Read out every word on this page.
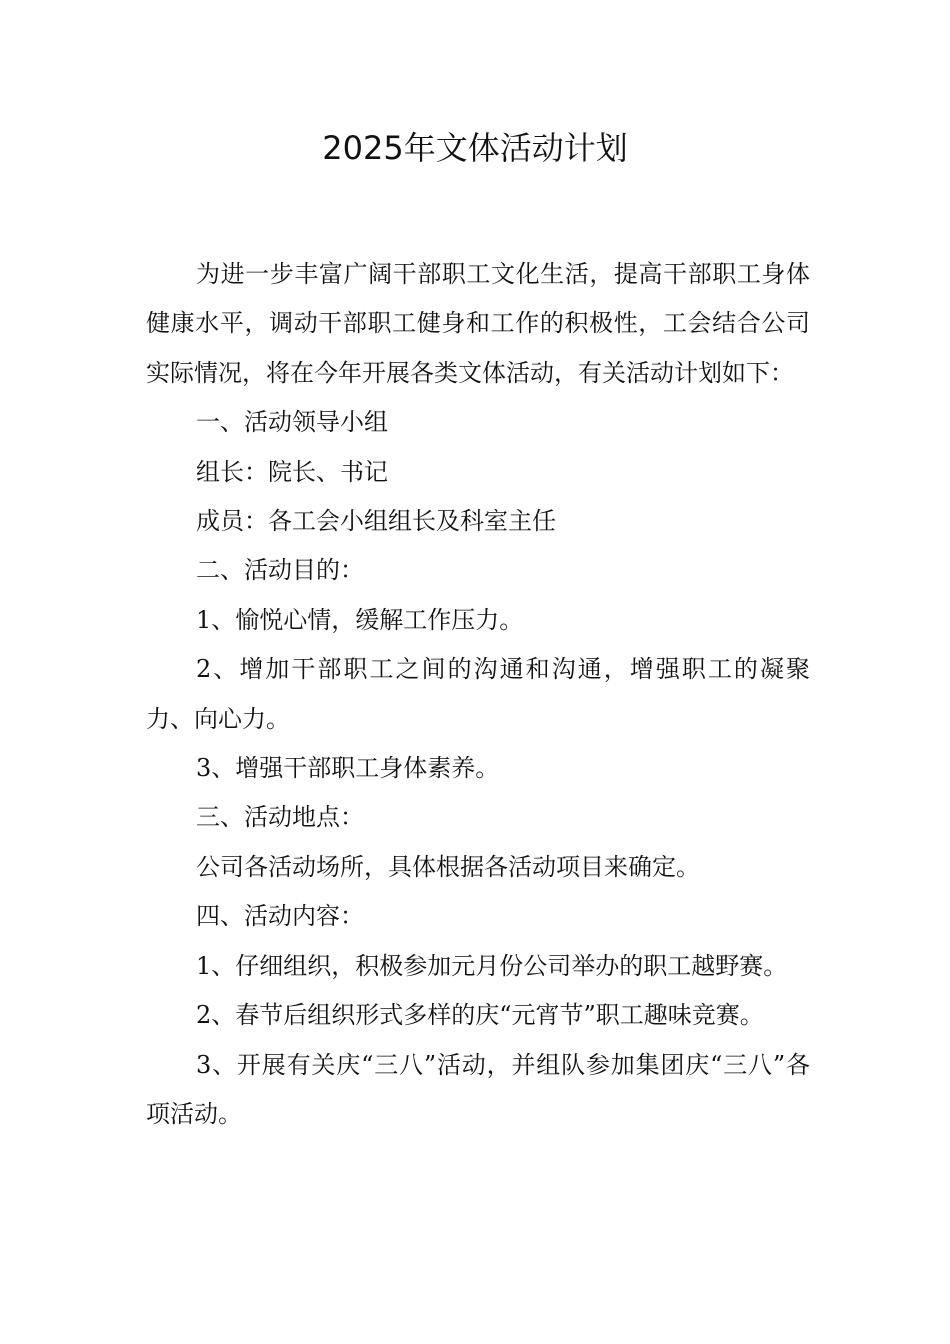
2025年文体活动计划

为进一步丰富广阔干部职工文化生活，提高干部职工身体健康水平，调动干部职工健身和工作的积极性，工会结合公司实际情况，将在今年开展各类文体活动，有关活动计划如下：

一、活动领导小组

组长：院长、书记

成员：各工会小组组长及科室主任

二、活动目的：

1、愉悦心情，缓解工作压力。

2、增加干部职工之间的沟通和沟通，增强职工的凝聚力、向心力。

3、增强干部职工身体素养。

三、活动地点：

公司各活动场所，具体根据各活动项目来确定。

四、活动内容：

1、仔细组织，积极参加元月份公司举办的职工越野赛。

2、春节后组织形式多样的庆“元宵节”职工趣味竞赛。

3、开展有关庆“三八”活动，并组队参加集团庆“三八”各项活动。
